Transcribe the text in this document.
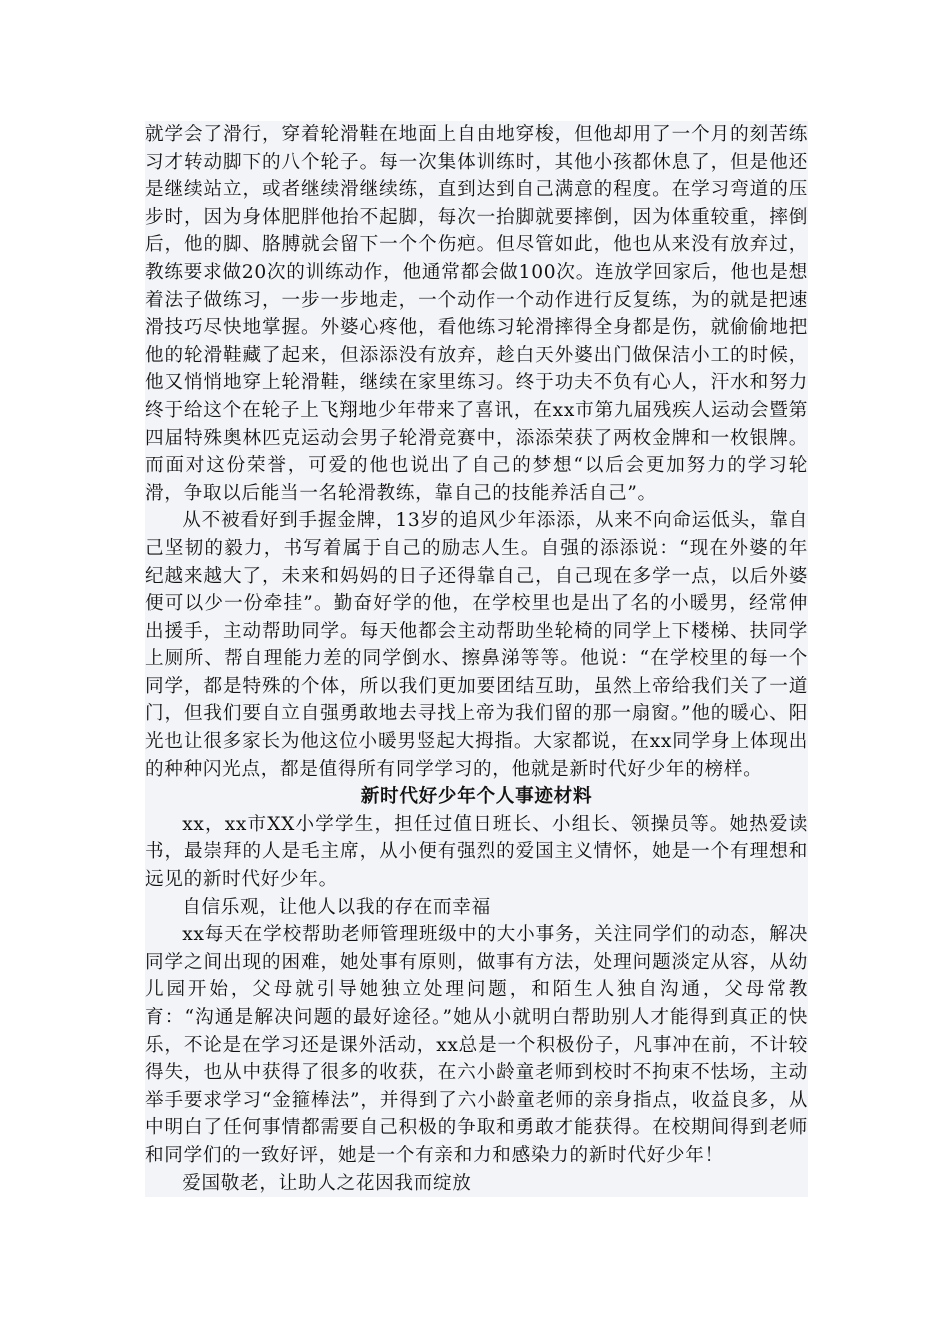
就学会了滑行，穿着轮滑鞋在地面上自由地穿梭，但他却用了一个月的刻苦练习才转动脚下的八个轮子。每一次集体训练时，其他小孩都休息了，但是他还是继续站立，或者继续滑继续练，直到达到自己满意的程度。在学习弯道的压步时，因为身体肥胖他抬不起脚，每次一抬脚就要摔倒，因为体重较重，摔倒后，他的脚、胳膊就会留下一个个伤疤。但尽管如此，他也从来没有放弃过，教练要求做20次的训练动作，他通常都会做100次。连放学回家后，他也是想着法子做练习，一步一步地走，一个动作一个动作进行反复练，为的就是把速滑技巧尽快地掌握。外婆心疼他，看他练习轮滑摔得全身都是伤，就偷偷地把他的轮滑鞋藏了起来，但添添没有放弃，趁白天外婆出门做保洁小工的时候，他又悄悄地穿上轮滑鞋，继续在家里练习。终于功夫不负有心人，汗水和努力终于给这个在轮子上飞翔地少年带来了喜讯，在xx市第九届残疾人运动会暨第四届特殊奥林匹克运动会男子轮滑竞赛中，添添荣获了两枚金牌和一枚银牌。而面对这份荣誉，可爱的他也说出了自己的梦想“以后会更加努力的学习轮滑，争取以后能当一名轮滑教练，靠自己的技能养活自己”。

从不被看好到手握金牌，13岁的追风少年添添，从来不向命运低头，靠自己坚韧的毅力，书写着属于自己的励志人生。自强的添添说：“现在外婆的年纪越来越大了，未来和妈妈的日子还得靠自己，自己现在多学一点，以后外婆便可以少一份牵挂”。勤奋好学的他，在学校里也是出了名的小暖男，经常伸出援手，主动帮助同学。每天他都会主动帮助坐轮椅的同学上下楼梯、扶同学上厕所、帮自理能力差的同学倒水、擦鼻涕等等。他说：“在学校里的每一个同学，都是特殊的个体，所以我们更加要团结互助，虽然上帝给我们关了一道门，但我们要自立自强勇敢地去寻找上帝为我们留的那一扇窗。”他的暖心、阳光也让很多家长为他这位小暖男竖起大拇指。大家都说，在xx同学身上体现出的种种闪光点，都是值得所有同学学习的，他就是新时代好少年的榜样。

新时代好少年个人事迹材料

xx，xx市XX小学学生，担任过值日班长、小组长、领操员等。她热爱读书，最崇拜的人是毛主席，从小便有强烈的爱国主义情怀，她是一个有理想和远见的新时代好少年。

自信乐观，让他人以我的存在而幸福

xx每天在学校帮助老师管理班级中的大小事务，关注同学们的动态，解决同学之间出现的困难，她处事有原则，做事有方法，处理问题淡定从容，从幼儿园开始，父母就引导她独立处理问题，和陌生人独自沟通，父母常教育：“沟通是解决问题的最好途径。”她从小就明白帮助别人才能得到真正的快乐，不论是在学习还是课外活动，xx总是一个积极份子，凡事冲在前，不计较得失，也从中获得了很多的收获，在六小龄童老师到校时不拘束不怯场，主动举手要求学习“金箍棒法”，并得到了六小龄童老师的亲身指点，收益良多，从中明白了任何事情都需要自己积极的争取和勇敢才能获得。在校期间得到老师和同学们的一致好评，她是一个有亲和力和感染力的新时代好少年！

爱国敬老，让助人之花因我而绽放
